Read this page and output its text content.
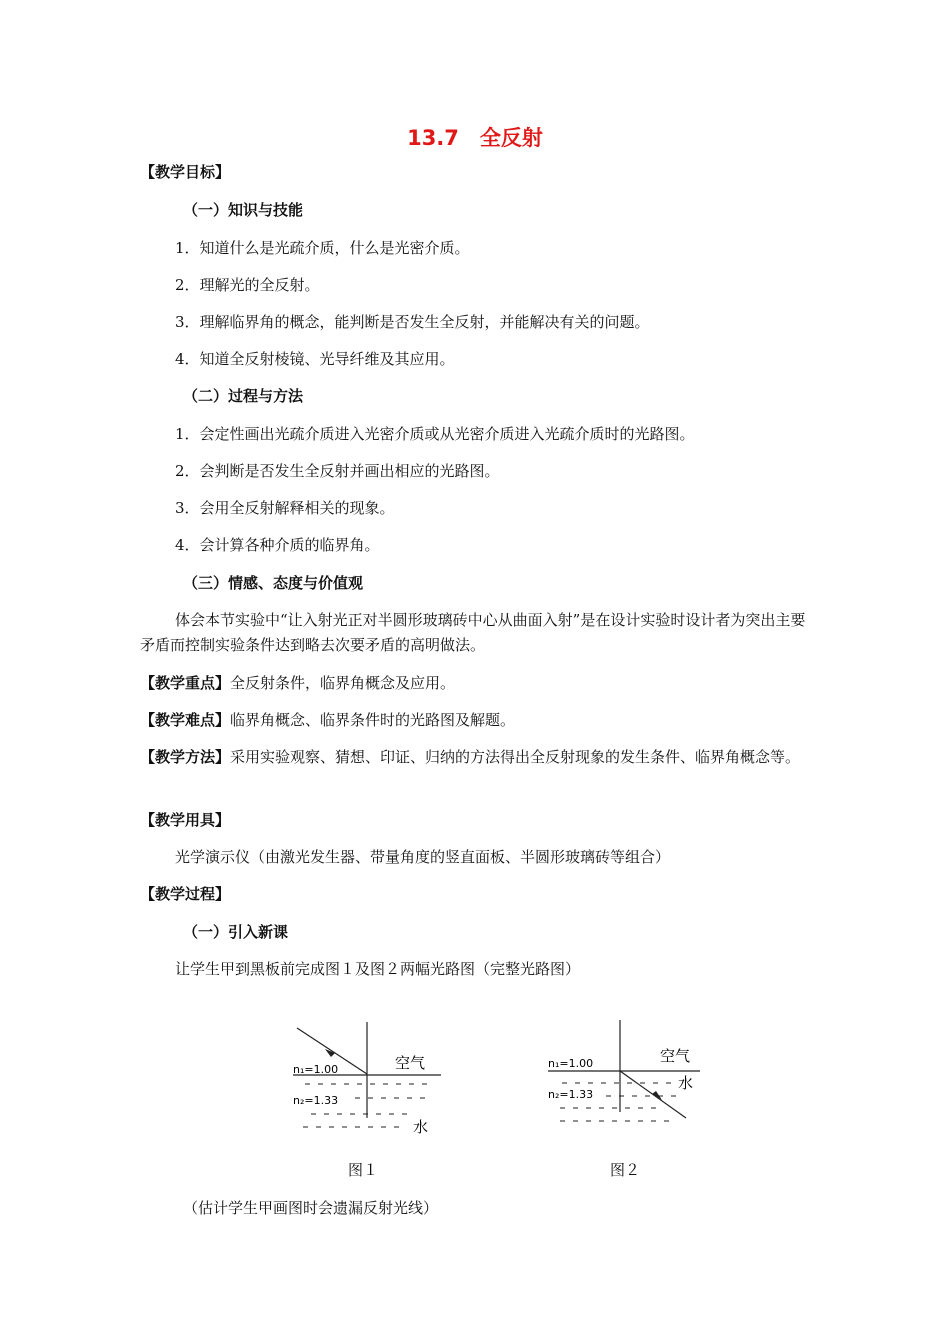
13.7　全反射
【教学目标】
（一）知识与技能
1．知道什么是光疏介质，什么是光密介质。
2．理解光的全反射。
3．理解临界角的概念，能判断是否发生全反射，并能解决有关的问题。
4．知道全反射棱镜、光导纤维及其应用。
（二）过程与方法
1．会定性画出光疏介质进入光密介质或从光密介质进入光疏介质时的光路图。
2．会判断是否发生全反射并画出相应的光路图。
3．会用全反射解释相关的现象。
4．会计算各种介质的临界角。
（三）情感、态度与价值观
体会本节实验中“让入射光正对半圆形玻璃砖中心从曲面入射”是在设计实验时设计者为突出主要矛盾而控制实验条件达到略去次要矛盾的高明做法。
【教学重点】全反射条件，临界角概念及应用。
【教学难点】临界角概念、临界条件时的光路图及解题。
【教学方法】采用实验观察、猜想、印证、归纳的方法得出全反射现象的发生条件、临界角概念等。
【教学用具】
光学演示仪（由激光发生器、带量角度的竖直面板、半圆形玻璃砖等组合）
【教学过程】
（一）引入新课
让学生甲到黑板前完成图１及图２两幅光路图（完整光路图）
n₁=1.00
n₂=1.33
空气
水
图１
n₁=1.00
n₂=1.33
空气
水
图２
（估计学生甲画图时会遗漏反射光线）
